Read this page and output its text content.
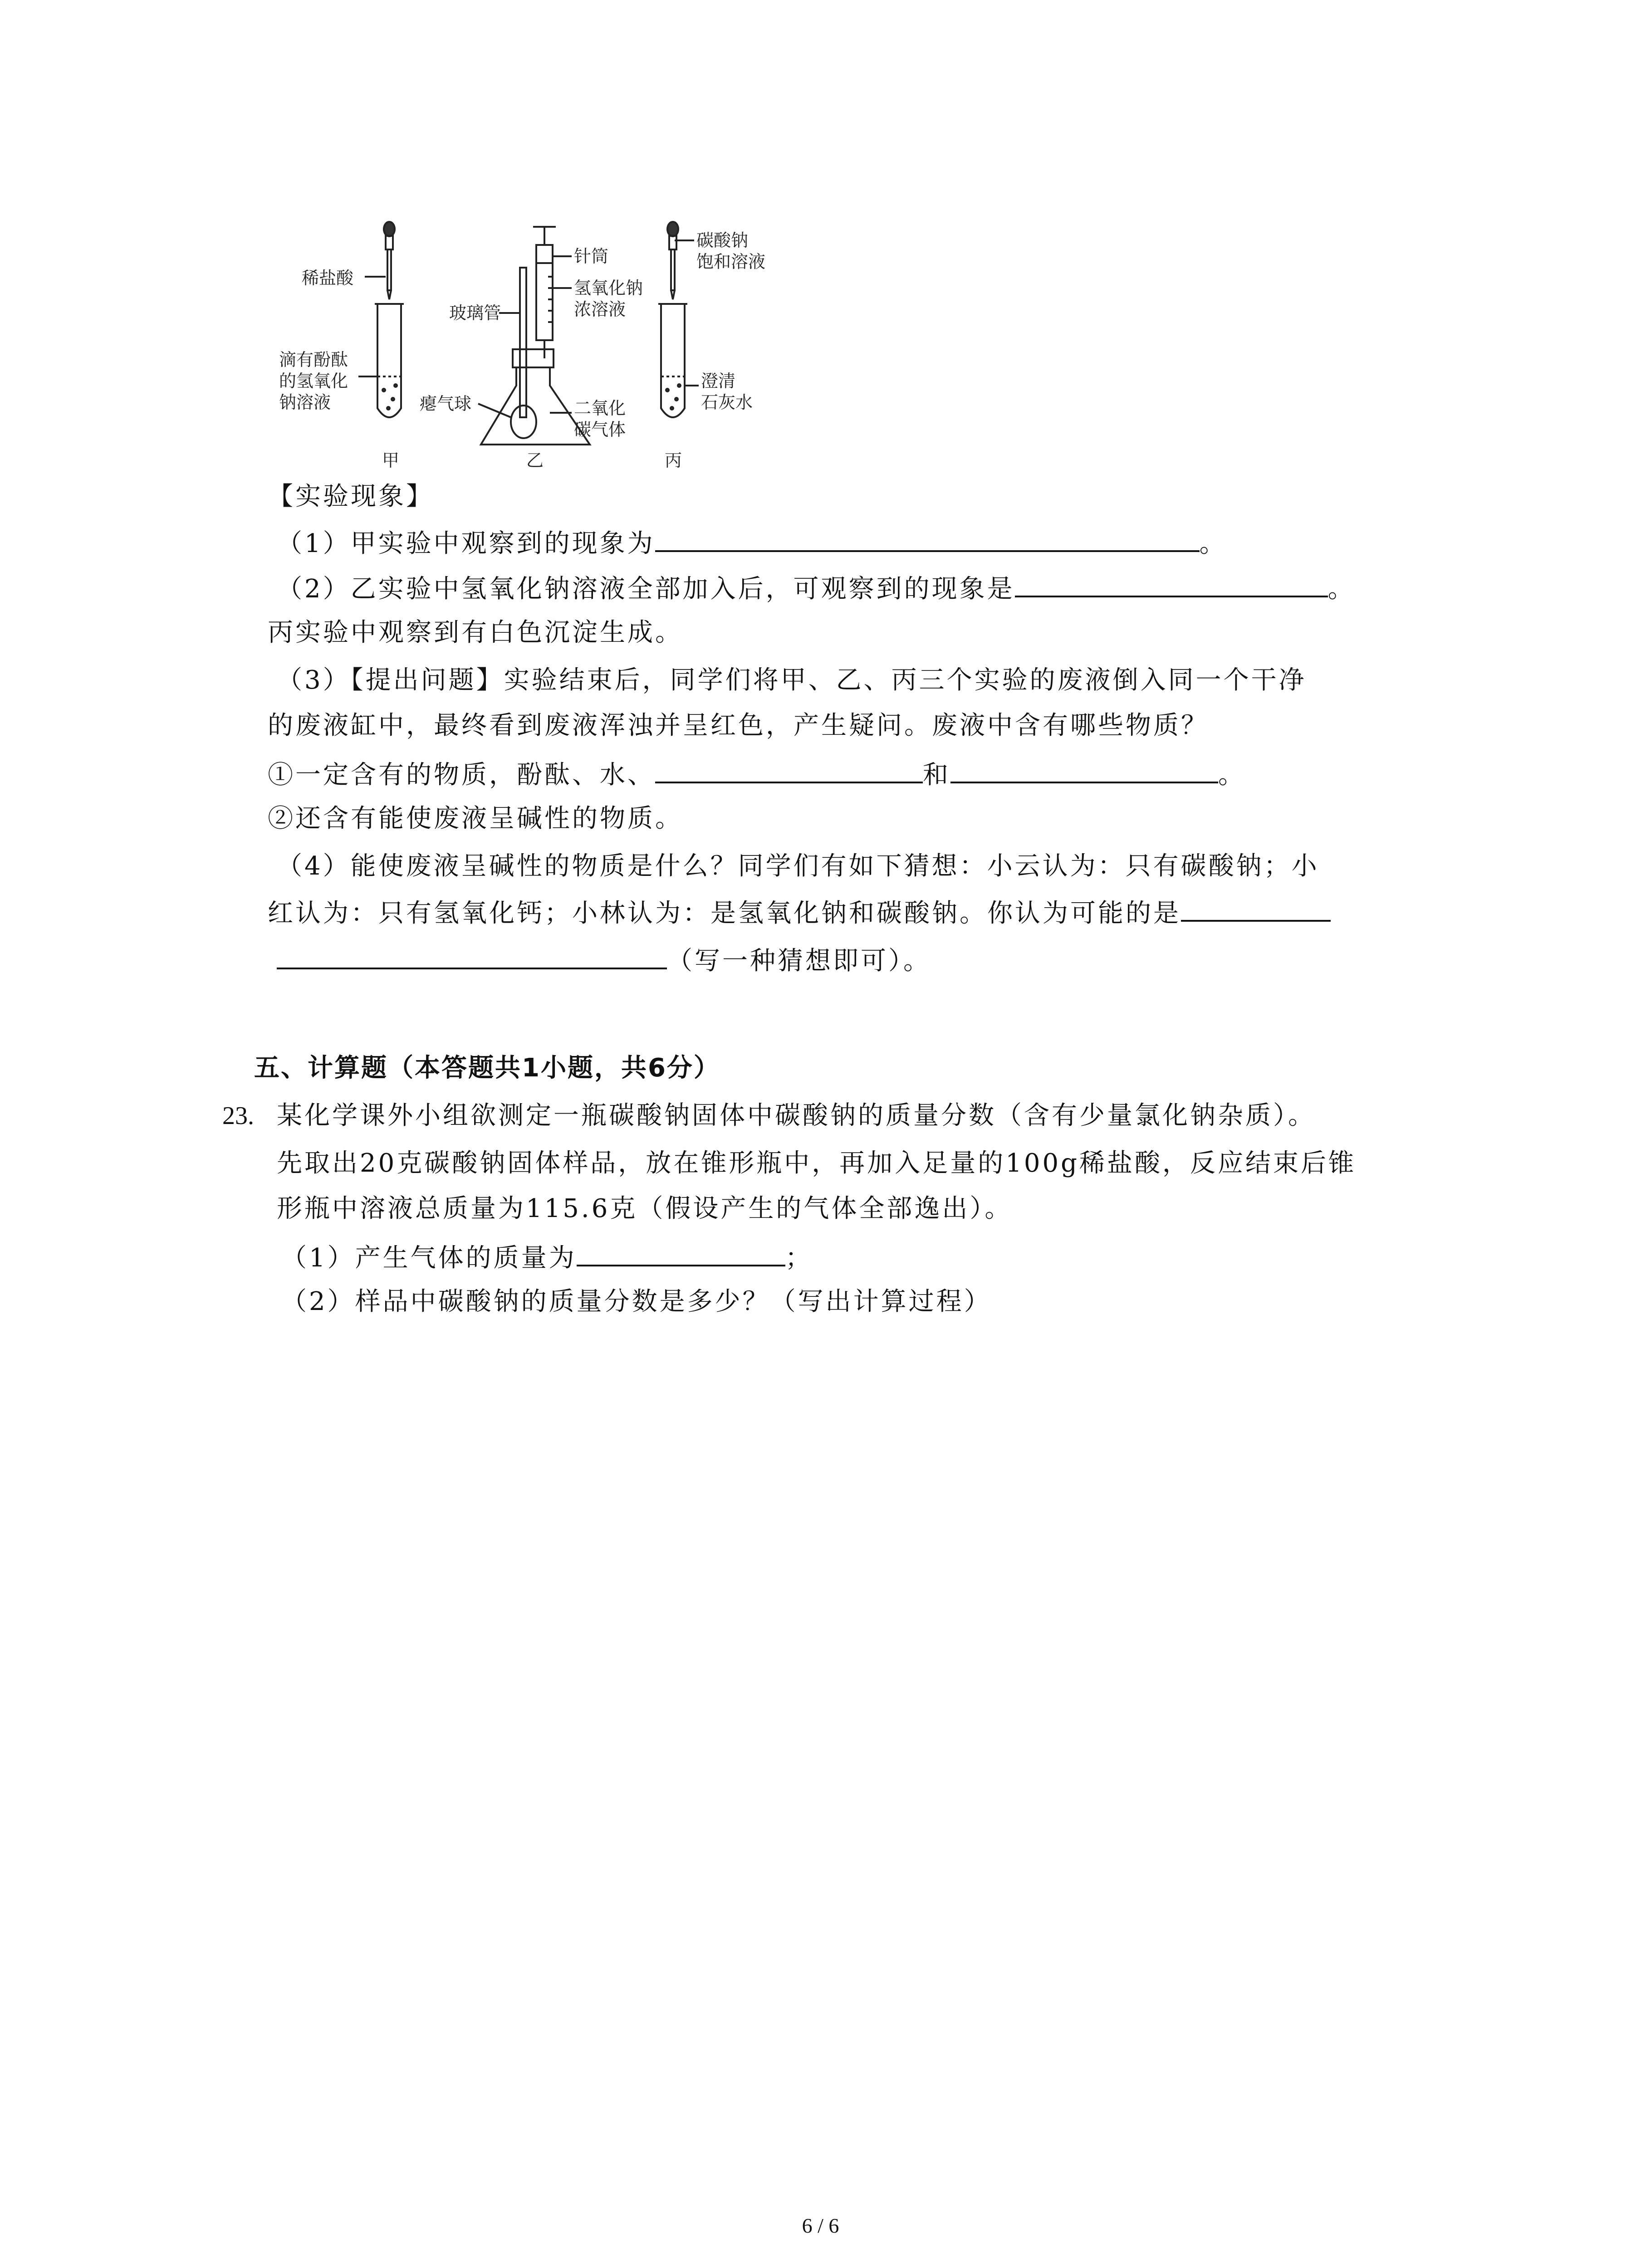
稀盐酸
滴有酚酞
的氢氧化
钠溶液
甲
针筒
玻璃管
氢氧化钠
浓溶液
瘪气球	二氧化
碳气体
乙
碳酸钠
饱和溶液
澄清
石灰水
丙
【实验现象】
（1）甲实验中观察到的现象为	。
（2）乙实验中氢氧化钠溶液全部加入后，可观察到的现象是	。
丙实验中观察到有白色沉淀生成。
（3）【提出问题】实验结束后，同学们将甲、乙、丙三个实验的废液倒入同一个干净
的废液缸中，最终看到废液浑浊并呈红色，产生疑问。废液中含有哪些物质？
①一定含有的物质，酚酞、水、	和	。
②还含有能使废液呈碱性的物质。
（4）能使废液呈碱性的物质是什么？同学们有如下猜想：小云认为：只有碳酸钠；小
红认为：只有氢氧化钙；小林认为：是氢氧化钠和碳酸钠。你认为可能的是
（写一种猜想即可）。
五、计算题（本答题共1小题，共6分）
23. 某化学课外小组欲测定一瓶碳酸钠固体中碳酸钠的质量分数（含有少量氯化钠杂质）。
先取出20克碳酸钠固体样品，放在锥形瓶中，再加入足量的100g稀盐酸，反应结束后锥
形瓶中溶液总质量为115.6克（假设产生的气体全部逸出）。
（1）产生气体的质量为	；
（2）样品中碳酸钠的质量分数是多少？（写出计算过程）
6 / 6
